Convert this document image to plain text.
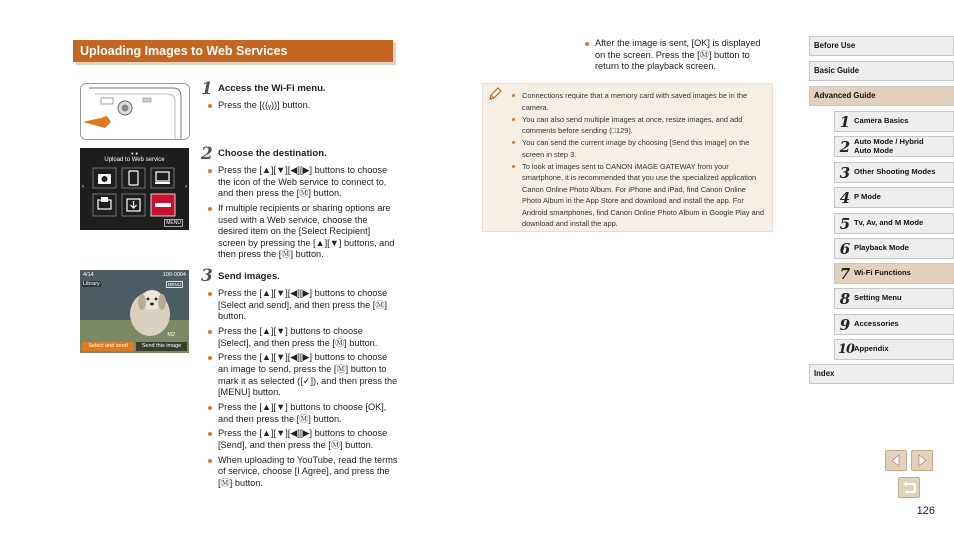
Uploading Images to Web Services
1 Access the Wi-Fi menu.
Press the [((ᵧ))] button.
• •
Upload to Web service
‹	›
MENU
2 Choose the destination.
Press the [▲][▼][◀][▶] buttons to choose the icon of the Web service to connect to, and then press the [Ⓜ] button.
If multiple recipients or sharing options are used with a Web service, choose the desired item on the [Select Recipient] screen by pressing the [▲][▼] buttons, and then press the [Ⓜ] button.
4/14	100-0004
Library	MENU
M2
Select and send	Send this image
3 Send images.
Press the [▲][▼][◀][▶] buttons to choose [Select and send], and then press the [Ⓜ] button.
Press the [▲][▼] buttons to choose [Select], and then press the [Ⓜ] button.
Press the [▲][▼][◀][▶] buttons to choose an image to send, press the [Ⓜ] button to mark it as selected ([✓]), and then press the [MENU] button.
Press the [▲][▼] buttons to choose [OK], and then press the [Ⓜ] button.
Press the [▲][▼][◀][▶] buttons to choose [Send], and then press the [Ⓜ] button.
When uploading to YouTube, read the terms of service, choose [I Agree], and press the [Ⓜ] button.
After the image is sent, [OK] is displayed on the screen. Press the [Ⓜ] button to return to the playback screen.
Connections require that a memory card with saved images be in the camera.
You can also send multiple images at once, resize images, and add comments before sending (□129).
You can send the current image by choosing [Send this image] on the screen in step 3.
To look at images sent to CANON iMAGE GATEWAY from your smartphone, it is recommended that you use the specialized application Canon Online Photo Album. For iPhone and iPad, find Canon Online Photo Album in the App Store and download and install the app. For Android smartphones, find Canon Online Photo Album in Google Play and download and install the app.
Before Use
Basic Guide
Advanced Guide
1 Camera Basics
2 Auto Mode / Hybrid Auto Mode
3 Other Shooting Modes
4 P Mode
5 Tv, Av, and M Mode
6 Playback Mode
7 Wi-Fi Functions
8 Setting Menu
9 Accessories
10 Appendix
Index
126
